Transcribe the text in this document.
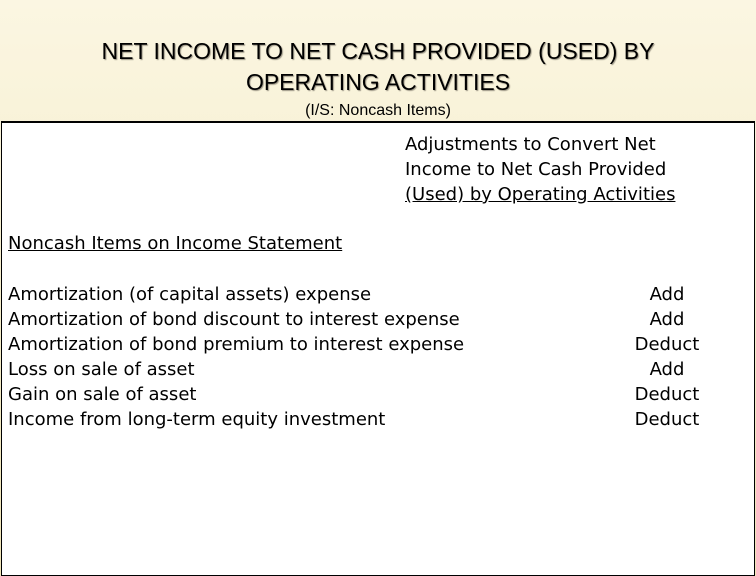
NET INCOME TO NET CASH PROVIDED (USED) BY
OPERATING ACTIVITIES
(I/S: Noncash Items)
Adjustments to Convert Net
Income to Net Cash Provided
(Used) by Operating Activities
Noncash Items on Income Statement
Amortization (of capital assets) expense	Add
Amortization of bond discount to interest expense	Add
Amortization of bond premium to interest expense	Deduct
Loss on sale of asset	Add
Gain on sale of asset	Deduct
Income from long-term equity investment	Deduct
